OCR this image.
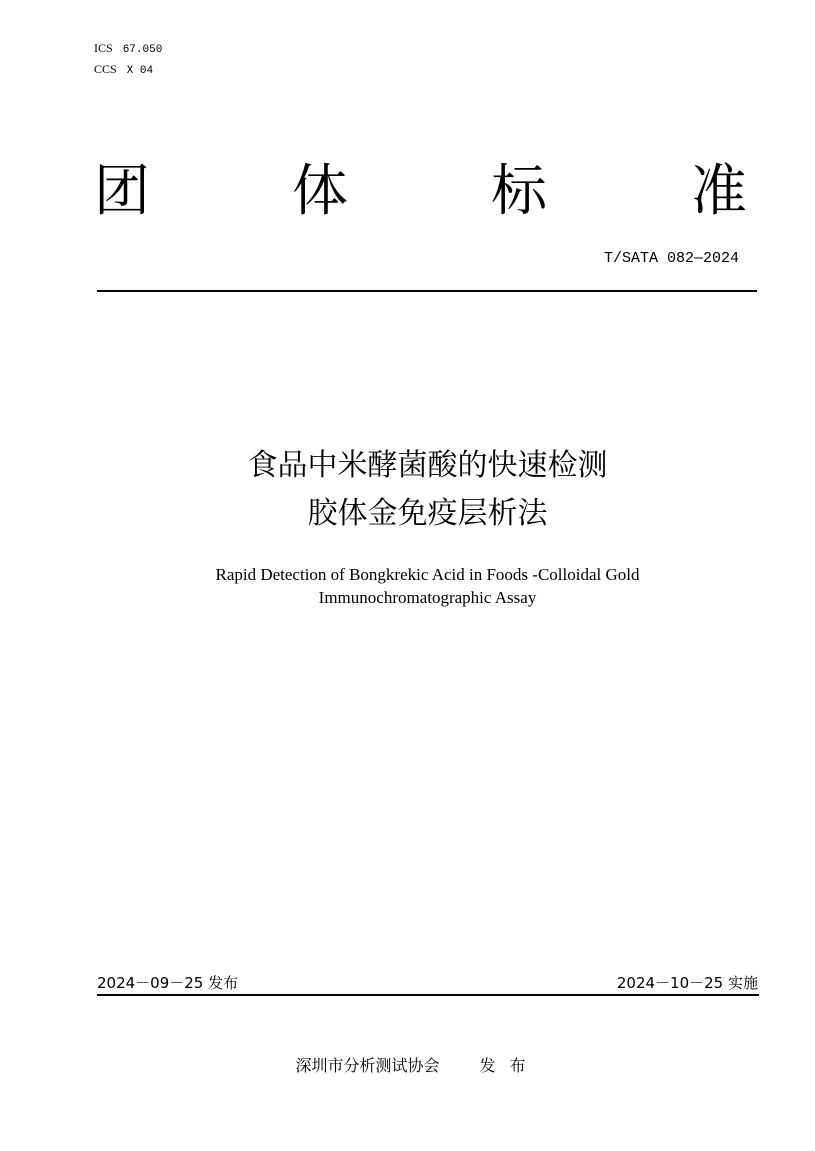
ICS 67.050
CCS X 04
团	体	标	准
T/SATA 082—2024
食品中米酵菌酸的快速检测
胶体金免疫层析法
Rapid Detection of Bongkrekic Acid in Foods -Colloidal Gold
Immunochromatographic Assay
2024－09－25 发布	2024－10－25 实施
深圳市分析测试协会	发布
